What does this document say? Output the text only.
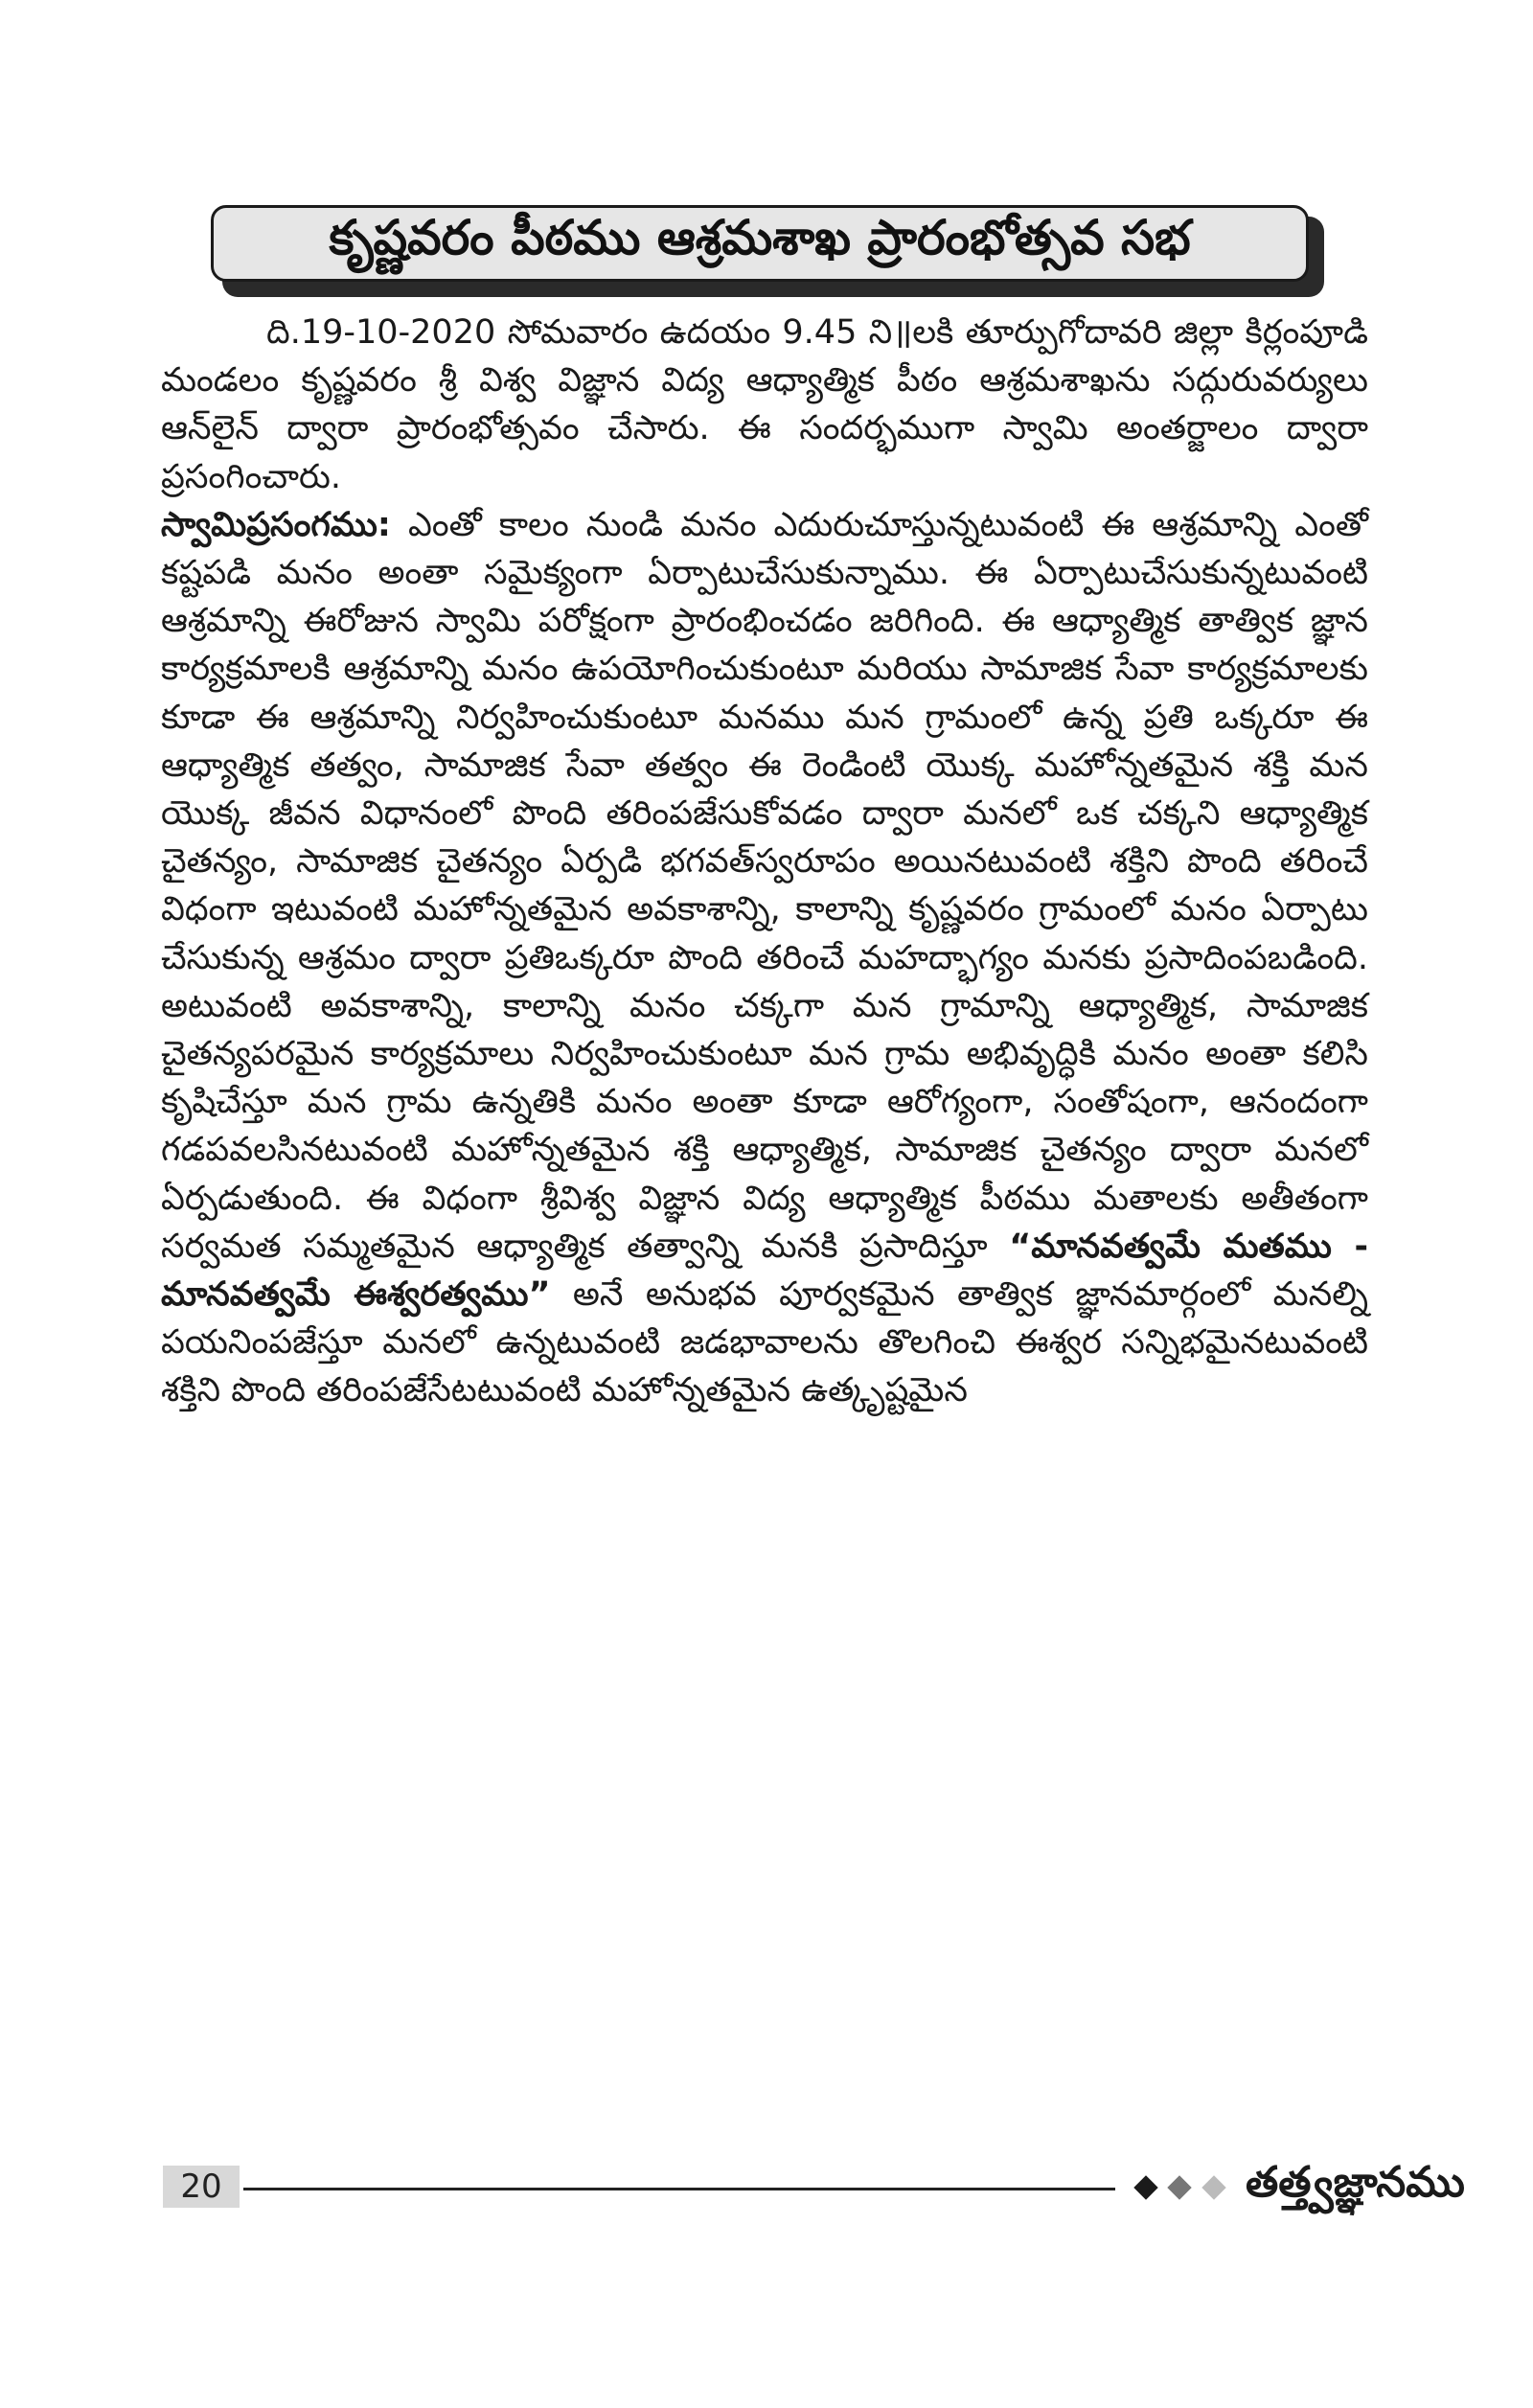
కృష్ణవరం పీఠము ఆశ్రమశాఖ ప్రారంభోత్సవ సభ

ది.19-10-2020 సోమవారం ఉదయం 9.45 ని॥లకి తూర్పుగోదావరి జిల్లా కిర్లంపూడి మండలం కృష్ణవరం శ్రీ విశ్వ విజ్ఞాన విద్య ఆధ్యాత్మిక పీఠం ఆశ్రమశాఖను సద్గురువర్యులు ఆన్‌లైన్ ద్వారా ప్రారంభోత్సవం చేసారు. ఈ సందర్భముగా స్వామి అంతర్జాలం ద్వారా ప్రసంగించారు.

స్వామిప్రసంగము: ఎంతో కాలం నుండి మనం ఎదురుచూస్తున్నటువంటి ఈ ఆశ్రమాన్ని ఎంతో కష్టపడి మనం అంతా సమైక్యంగా ఏర్పాటుచేసుకున్నాము. ఈ ఏర్పాటుచేసుకున్నటువంటి ఆశ్రమాన్ని ఈరోజున స్వామి పరోక్షంగా ప్రారంభించడం జరిగింది. ఈ ఆధ్యాత్మిక తాత్విక జ్ఞాన కార్యక్రమాలకి ఆశ్రమాన్ని మనం ఉపయోగించుకుంటూ మరియు సామాజిక సేవా కార్యక్రమాలకు కూడా ఈ ఆశ్రమాన్ని నిర్వహించుకుంటూ మనము మన గ్రామంలో ఉన్న ప్రతి ఒక్కరూ ఈ ఆధ్యాత్మిక తత్వం, సామాజిక సేవా తత్వం ఈ రెండింటి యొక్క మహోన్నతమైన శక్తి మన యొక్క జీవన విధానంలో పొంది తరింపజేసుకోవడం ద్వారా మనలో ఒక చక్కని ఆధ్యాత్మిక చైతన్యం, సామాజిక చైతన్యం ఏర్పడి భగవత్‌స్వరూపం అయినటువంటి శక్తిని పొంది తరించే విధంగా ఇటువంటి మహోన్నతమైన అవకాశాన్ని, కాలాన్ని కృష్ణవరం గ్రామంలో మనం ఏర్పాటు చేసుకున్న ఆశ్రమం ద్వారా ప్రతిఒక్కరూ పొంది తరించే మహద్భాగ్యం మనకు ప్రసాదింపబడింది. అటువంటి అవకాశాన్ని, కాలాన్ని మనం చక్కగా మన గ్రామాన్ని ఆధ్యాత్మిక, సామాజిక చైతన్యపరమైన కార్యక్రమాలు నిర్వహించుకుంటూ మన గ్రామ అభివృద్ధికి మనం అంతా కలిసి కృషిచేస్తూ మన గ్రామ ఉన్నతికి మనం అంతా కూడా ఆరోగ్యంగా, సంతోషంగా, ఆనందంగా గడపవలసినటువంటి మహోన్నతమైన శక్తి ఆధ్యాత్మిక, సామాజిక చైతన్యం ద్వారా మనలో ఏర్పడుతుంది. ఈ విధంగా శ్రీవిశ్వ విజ్ఞాన విద్య ఆధ్యాత్మిక పీఠము మతాలకు అతీతంగా సర్వమత సమ్మతమైన ఆధ్యాత్మిక తత్వాన్ని మనకి ప్రసాదిస్తూ “మానవత్వమే మతము - మానవత్వమే ఈశ్వరత్వము” అనే అనుభవ పూర్వకమైన తాత్విక జ్ఞానమార్గంలో మనల్ని పయనింపజేస్తూ మనలో ఉన్నటువంటి జడభావాలను తొలగించి ఈశ్వర సన్నిభమైనటువంటి శక్తిని పొంది తరింపజేసేటటువంటి మహోన్నతమైన ఉత్కృష్టమైన

20	తత్త్వజ్ఞానము
